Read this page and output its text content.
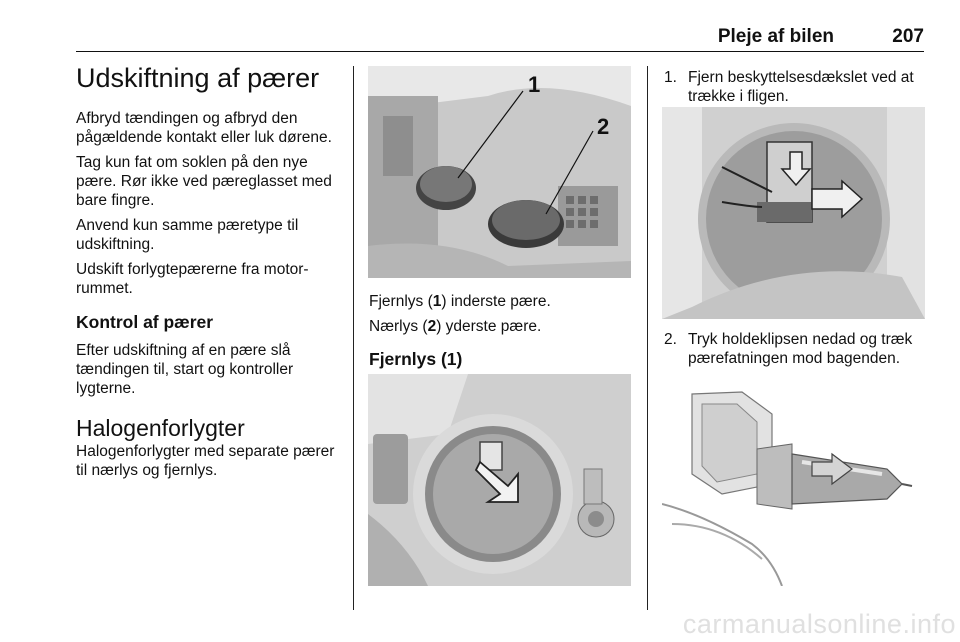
Pleje af bilen	207
Udskiftning af pærer

Afbryd tændingen og afbryd den pågældende kontakt eller luk dørene.

Tag kun fat om soklen på den nye pære. Rør ikke ved pæreglasset med bare fingre.

Anvend kun samme pæretype til udskiftning.

Udskift forlygtepærerne fra motor-rummet.

Kontrol af pærer

Efter udskiftning af en pære slå tændingen til, start og kontroller lygterne.

Halogenforlygter

Halogenforlygter med separate pærer til nærlys og fjernlys.

1
2

Fjernlys (1) inderste pære.

Nærlys (2) yderste pære.

Fjernlys (1)
1. Fjern beskyttelsesdækslet ved at trække i fligen.
2. Tryk holdeklipsen nedad og træk pærefatningen mod bagenden.
carmanualsonline.info
